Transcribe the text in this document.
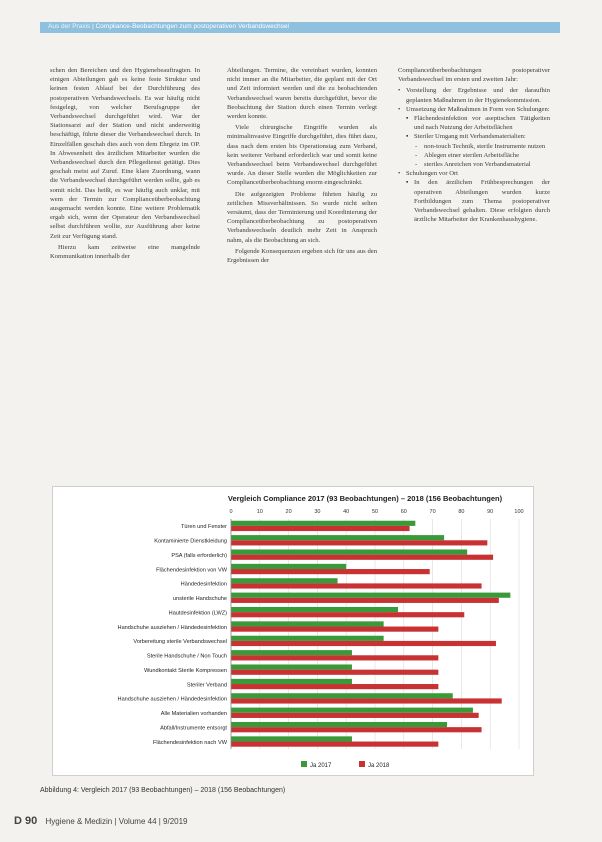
Aus der Praxis | Compliance-Beobachtungen zum postoperativen Verbandswechsel

schen den Bereichen und den Hygienebeauftragten. In einigen Abteilungen gab es keine feste Struktur und keinen festen Ablauf bei der Durchführung des postoperativen Verbandswechsels. Es war häufig nicht festgelegt, von welcher Berufsgruppe der Verbandswechsel durchgeführt wird. War der Stationsarzt auf der Station und nicht anderweitig beschäftigt, führte dieser die Verbandswechsel durch. In Einzelfällen geschah dies auch von dem Ehrgeiz im OP. In Abwesenheit des ärztlichen Mitarbeiter wurden die Verbandswechsel durch den Pflegedienst getätigt. Dies geschah meist auf Zuruf. Eine klare Zuordnung, wann die Verbandswechsel durchgeführt werden sollte, gab es somit nicht. Das heißt, es war häufig auch unklar, mit wem der Termin zur Complianceüberbeobachtung ausgemacht werden konnte. Eine weitere Problematik ergab sich, wenn der Operateur den Verbandswechsel selbst durchführen wollte, zur Ausführung aber keine Zeit zur Verfügung stand.

Hierzu kam zeitweise eine mangelnde Kommunikation innerhalb der

Abteilungen. Termine, die vereinbart wurden, konnten nicht immer an die Mitarbeiter, die geplant mit der Ort und Zeit informiert werden und die zu beobachtenden Verbandswechsel waren bereits durchgeführt, bevor die Beobachtung der Station durch einen Termin verlegt werden konnte.

Viele chirurgische Eingriffe wurden als minimalinvasive Eingriffe durchgeführt, dies führt dazu, dass nach dem ersten bis Operationstag zum Verband, kein weiterer Verband erforderlich war und somit keine Verbandswechsel beim Verbandswechsel durchgeführt wurde. An dieser Stelle wurden die Möglichkeiten zur Complianceüberbeobachtung enorm eingeschränkt.

Die aufgezeigten Probleme führten häufig zu zeitlichen Missverhältnissen. So wurde nicht selten versäumt, dass der Terminierung und Koordinierung der Complianceüberbeobachtung zu postoperativen Verbandswechseln deutlich mehr Zeit in Anspruch nahm, als die Beobachtung an sich.

Folgende Konsequenzen ergeben sich für uns aus den Ergebnissen der

Complianceüberbeobachtungen postoperativer Verbandswechsel im ersten und zweiten Jahr:

• Vorstellung der Ergebnisse und der daraufhin geplanten Maßnahmen in der Hygienekommission.
• Umsetzung der Maßnahmen in Form von Schulungen:
▪ Flächendesinfektion vor aseptischen Tätigkeiten und nach Nutzung der Arbeitsflächen
▪ Steriler Umgang mit Verbandsmaterialien:
- non-touch Technik, sterile Instrumente nutzen
- Ablegen einer sterilen Arbeitsfläche
- steriles Anreichen von Verbandsmaterial
• Schulungen vor Ort
▪ In den ärztlichen Frühbesprechungen der operativen Abteilungen wurden kurze Fortbildungen zum Thema postoperativer Verbandswechsel gehalten. Diese erfolgten durch ärztliche Mitarbeiter der Krankenhaushygiene.
Vergleich Compliance 2017 (93 Beobachtungen) – 2018 (156 Beobachtungen)
0	10	20	30	40	50	60	70	80	90	100
Türen und Fenster
Kontaminierte Dienstkleidung
PSA (falls erforderlich)
Flächendesinfektion von VW
Händedesinfektion
unsterile Handschuhe
Hautdesinfektion (LWZ)
Handschuhe ausziehen / Händedesinfektion
Vorbereitung sterile Verbandswechsel
Sterile Handschuhe / Non Touch
Wundkontakt Sterile Kompressen
Steriler Verband
Handschuhe ausziehen / Händedesinfektion
Alle Materialien vorhanden
Abfall/Instrumente entsorgt
Flächendesinfektion nach VW
Ja 2017	Ja 2018
Abbildung 4: Vergleich 2017 (93 Beobachtungen) – 2018 (156 Beobachtungen)
D 90 Hygiene & Medizin | Volume 44 | 9/2019
